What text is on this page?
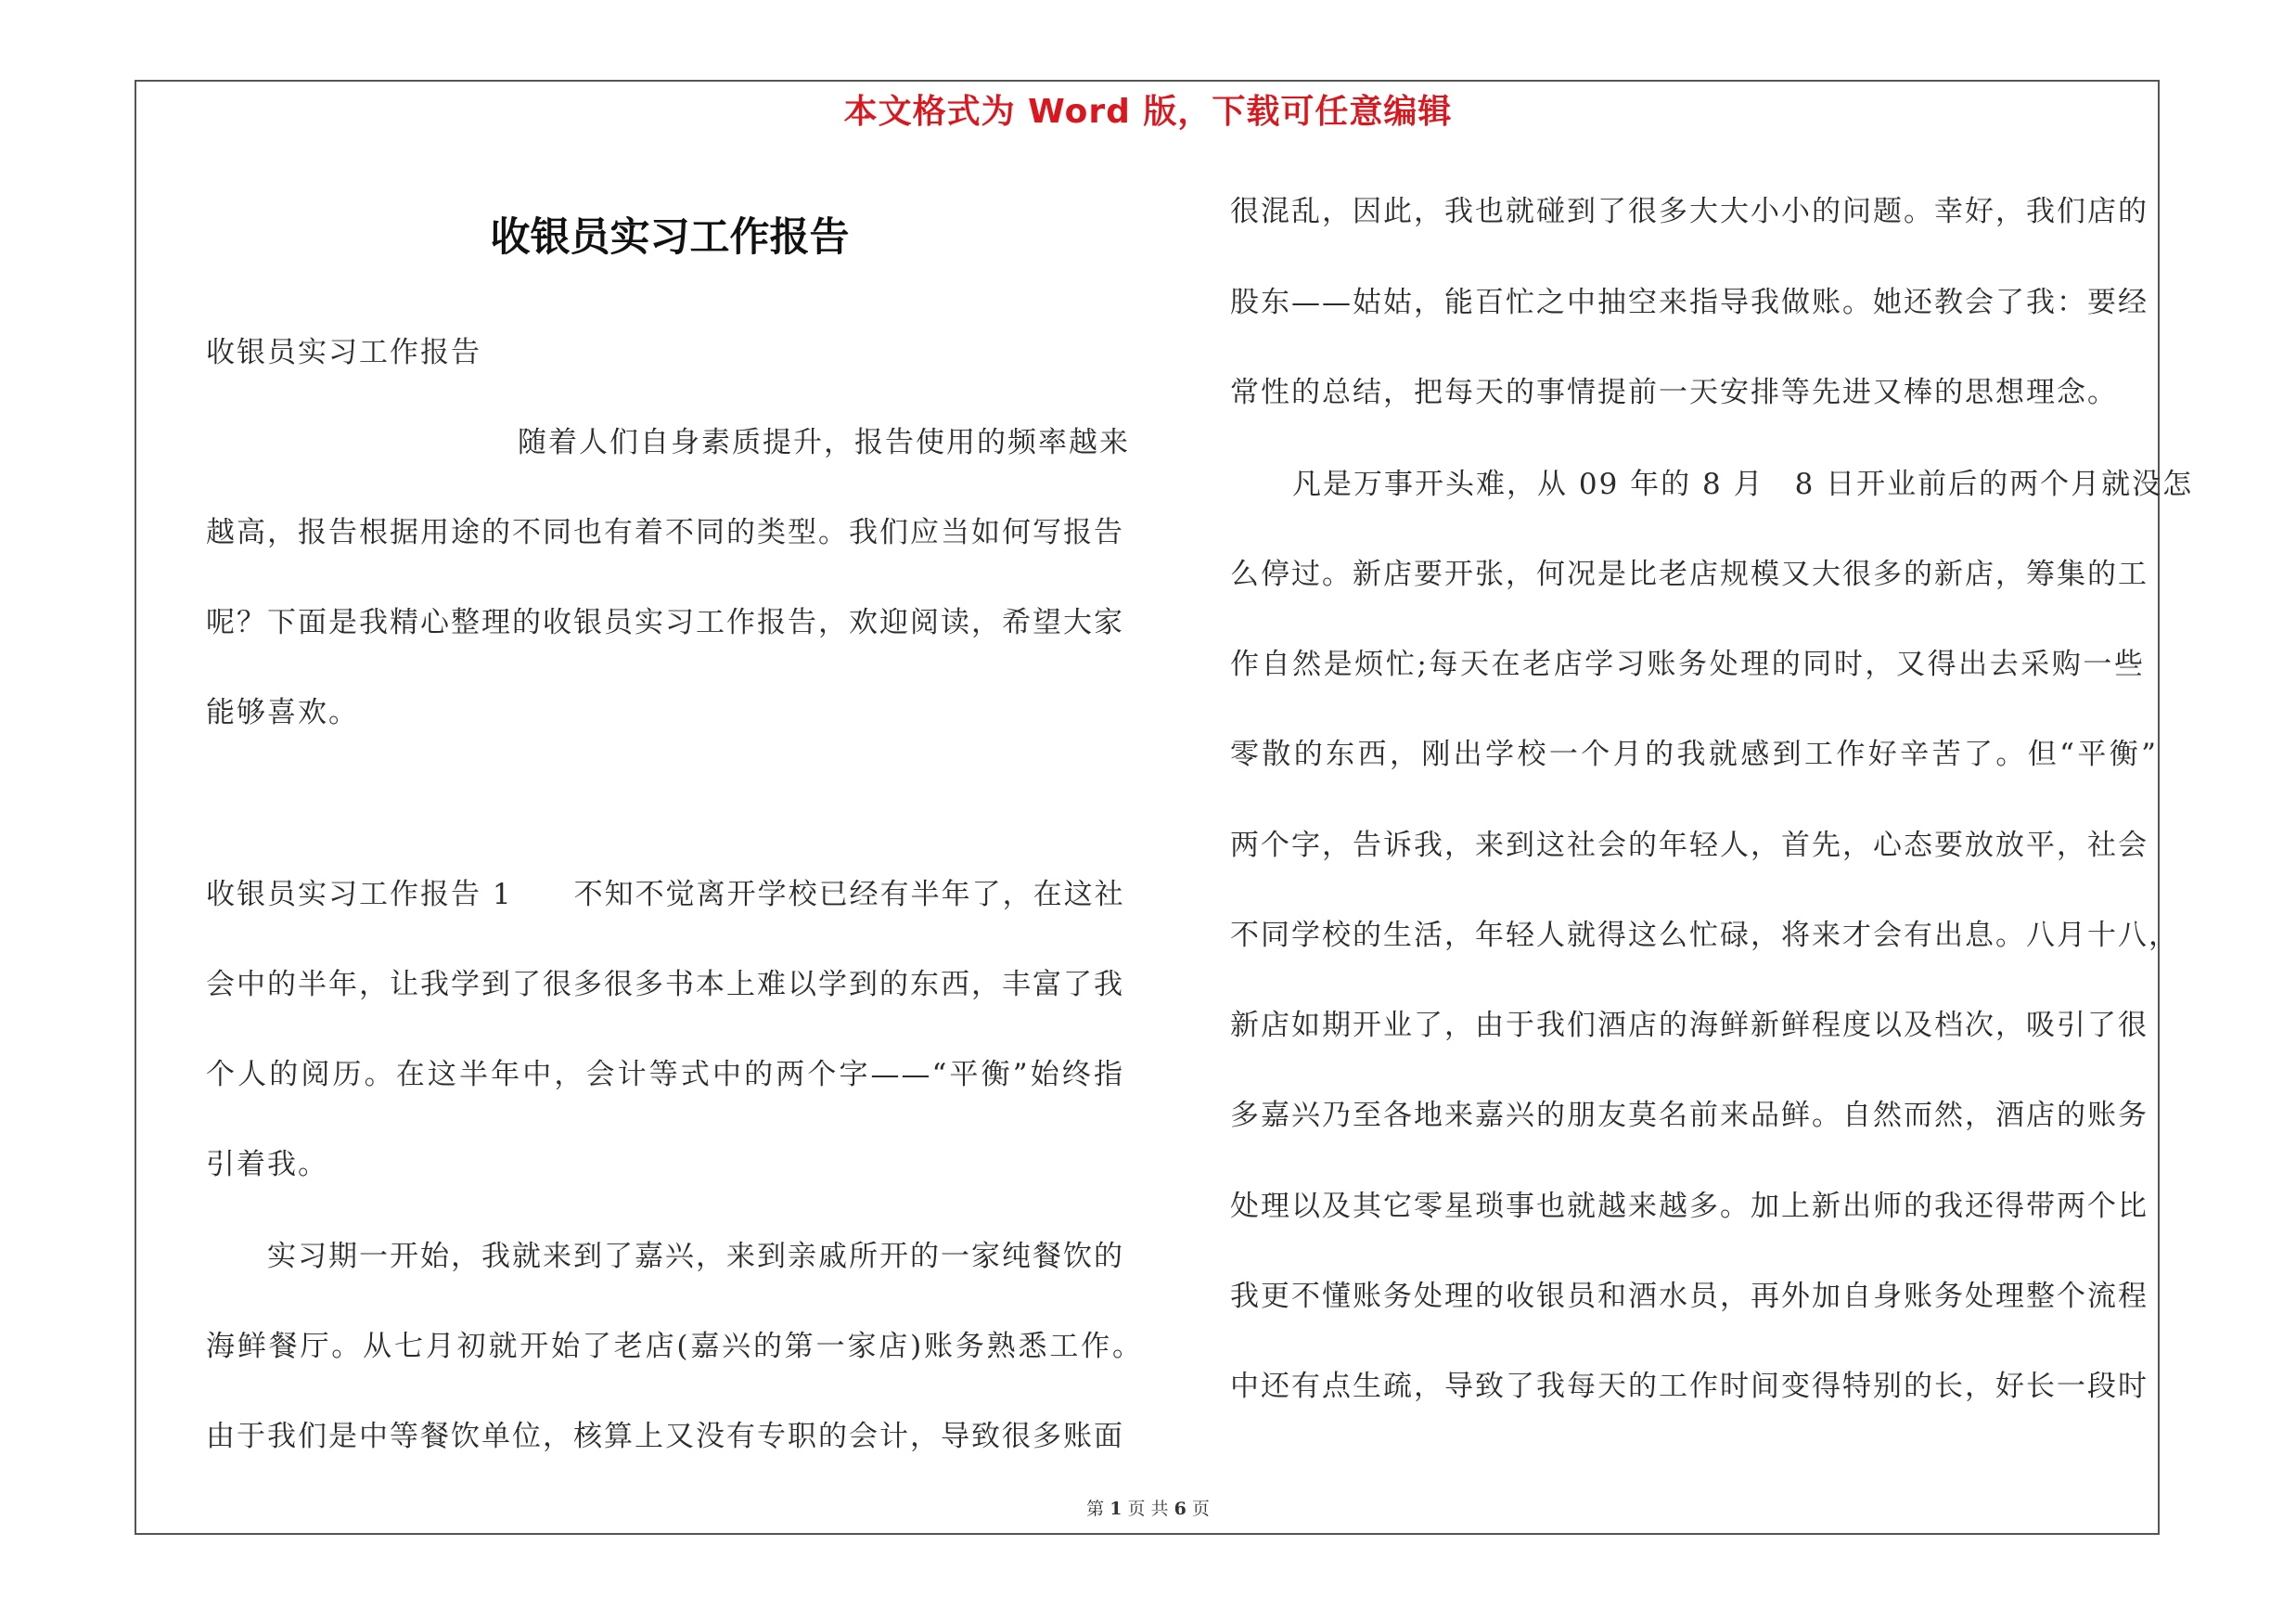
本文格式为 Word 版，下载可任意编辑
收银员实习工作报告
收银员实习工作报告
随着人们自身素质提升，报告使用的频率越来
越高，报告根据用途的不同也有着不同的类型。我们应当如何写报告
呢？下面是我精心整理的收银员实习工作报告，欢迎阅读，希望大家
能够喜欢。
收银员实习工作报告 1　　不知不觉离开学校已经有半年了，在这社
会中的半年，让我学到了很多很多书本上难以学到的东西，丰富了我
个人的阅历。在这半年中，会计等式中的两个字——“平衡”始终指
引着我。
实习期一开始，我就来到了嘉兴，来到亲戚所开的一家纯餐饮的
海鲜餐厅。从七月初就开始了老店(嘉兴的第一家店)账务熟悉工作。
由于我们是中等餐饮单位，核算上又没有专职的会计，导致很多账面
很混乱，因此，我也就碰到了很多大大小小的问题。幸好，我们店的
股东——姑姑，能百忙之中抽空来指导我做账。她还教会了我：要经
常性的总结，把每天的事情提前一天安排等先进又棒的思想理念。
凡是万事开头难，从 09 年的 8 月　8 日开业前后的两个月就没怎
么停过。新店要开张，何况是比老店规模又大很多的新店，筹集的工
作自然是烦忙;每天在老店学习账务处理的同时，又得出去采购一些
零散的东西，刚出学校一个月的我就感到工作好辛苦了。但“平衡”
两个字，告诉我，来到这社会的年轻人，首先，心态要放放平，社会
不同学校的生活，年轻人就得这么忙碌，将来才会有出息。八月十八，
新店如期开业了，由于我们酒店的海鲜新鲜程度以及档次，吸引了很
多嘉兴乃至各地来嘉兴的朋友莫名前来品鲜。自然而然，酒店的账务
处理以及其它零星琐事也就越来越多。加上新出师的我还得带两个比
我更不懂账务处理的收银员和酒水员，再外加自身账务处理整个流程
中还有点生疏，导致了我每天的工作时间变得特别的长，好长一段时
第 1 页 共 6 页
